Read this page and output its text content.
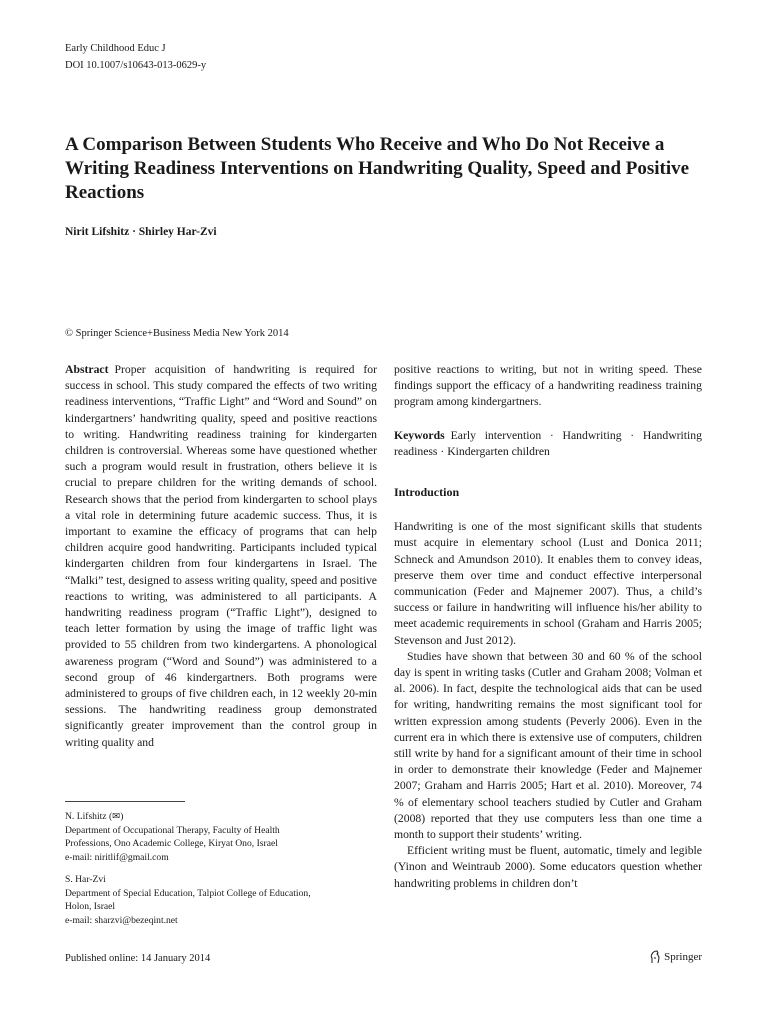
Early Childhood Educ J
DOI 10.1007/s10643-013-0629-y
A Comparison Between Students Who Receive and Who Do Not Receive a Writing Readiness Interventions on Handwriting Quality, Speed and Positive Reactions
Nirit Lifshitz · Shirley Har-Zvi
© Springer Science+Business Media New York 2014

Abstract Proper acquisition of handwriting is required for success in school. This study compared the effects of two writing readiness interventions, “Traffic Light” and “Word and Sound” on kindergartners’ handwriting quality, speed and positive reactions to writing. Handwriting readiness training for kindergarten children is controversial. Whereas some have questioned whether such a program would result in frustration, others believe it is crucial to prepare children for the writing demands of school. Research shows that the period from kindergarten to school plays a vital role in determining future academic success. Thus, it is important to examine the efficacy of programs that can help children acquire good handwriting. Participants included typical kindergarten children from four kindergartens in Israel. The “Malki” test, designed to assess writing quality, speed and positive reactions to writing, was administered to all participants. A handwriting readiness program (“Traffic Light”), designed to teach letter formation by using the image of traffic light was provided to 55 children from two kindergartens. A phonological awareness program (“Word and Sound”) was administered to a second group of 46 kindergartners. Both programs were administered to groups of five children each, in 12 weekly 20-min sessions. The handwriting readiness group demonstrated significantly greater improvement than the control group in writing quality and

N. Lifshitz (✉)
Department of Occupational Therapy, Faculty of Health
Professions, Ono Academic College, Kiryat Ono, Israel
e-mail: niritlif@gmail.com
S. Har-Zvi
Department of Special Education, Talpiot College of Education,
Holon, Israel
e-mail: sharzvi@bezeqint.net

positive reactions to writing, but not in writing speed. These findings support the efficacy of a handwriting readiness training program among kindergartners.

Keywords Early intervention · Handwriting · Handwriting readiness · Kindergarten children

Introduction

Handwriting is one of the most significant skills that students must acquire in elementary school (Lust and Donica 2011; Schneck and Amundson 2010). It enables them to convey ideas, preserve them over time and conduct effective interpersonal communication (Feder and Majnemer 2007). Thus, a child’s success or failure in handwriting will influence his/her ability to meet academic requirements in school (Graham and Harris 2005; Stevenson and Just 2012).

Studies have shown that between 30 and 60 % of the school day is spent in writing tasks (Cutler and Graham 2008; Volman et al. 2006). In fact, despite the technological aids that can be used for writing, handwriting remains the most significant tool for written expression among students (Peverly 2006). Even in the current era in which there is extensive use of computers, children still write by hand for a significant amount of their time in school in order to demonstrate their knowledge (Feder and Majnemer 2007; Graham and Harris 2005; Hart et al. 2010). Moreover, 74 % of elementary school teachers studied by Cutler and Graham (2008) reported that they use computers less than one time a month to support their students’ writing.

Efficient writing must be fluent, automatic, timely and legible (Yinon and Weintraub 2000). Some educators question whether handwriting problems in children don’t

Published online: 14 January 2014	Springer
